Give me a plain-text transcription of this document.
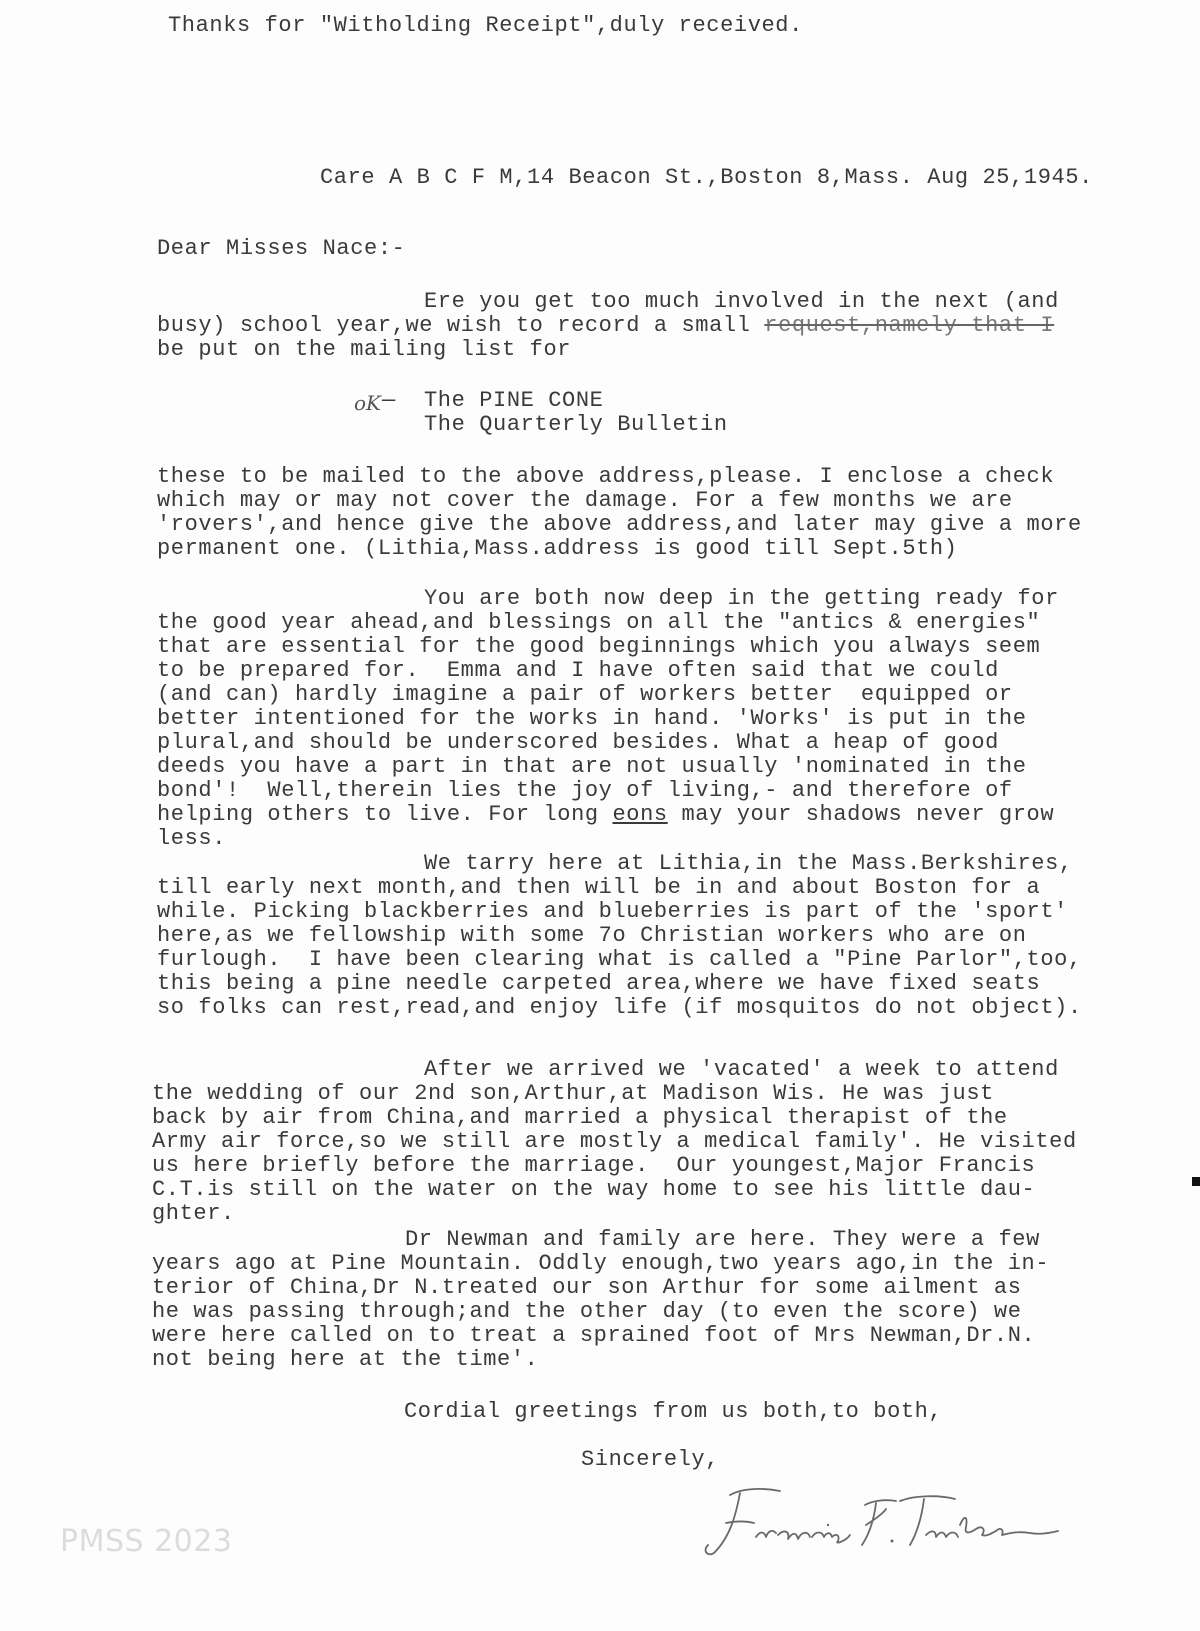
Thanks for "Witholding Receipt",duly received.
Care A B C F M,14 Beacon St.,Boston 8,Mass. Aug 25,1945.
Dear Misses Nace:-
Ere you get too much involved in the next (and
busy) school year,we wish to record a small request,namely that I
be put on the mailing list for
oK — The PINE CONE
The Quarterly Bulletin
these to be mailed to the above address,please. I enclose a check
which may or may not cover the damage. For a few months we are
'rovers',and hence give the above address,and later may give a more
permanent one. (Lithia,Mass.address is good till Sept.5th)
You are both now deep in the getting ready for
the good year ahead,and blessings on all the "antics & energies"
that are essential for the good beginnings which you always seem
to be prepared for.  Emma and I have often said that we could
(and can) hardly imagine a pair of workers better  equipped or
better intentioned for the works in hand. 'Works' is put in the
plural,and should be underscored besides. What a heap of good
deeds you have a part in that are not usually 'nominated in the
bond'!  Well,therein lies the joy of living,- and therefore of
helping others to live. For long eons may your shadows never grow
less.
We tarry here at Lithia,in the Mass.Berkshires,
till early next month,and then will be in and about Boston for a
while. Picking blackberries and blueberries is part of the 'sport'
here,as we fellowship with some 7o Christian workers who are on
furlough.  I have been clearing what is called a "Pine Parlor",too,
this being a pine needle carpeted area,where we have fixed seats
so folks can rest,read,and enjoy life (if mosquitos do not object).
After we arrived we 'vacated' a week to attend
the wedding of our 2nd son,Arthur,at Madison Wis. He was just
back by air from China,and married a physical therapist of the
Army air force,so we still are mostly a medical family'. He visited
us here briefly before the marriage.  Our youngest,Major Francis
C.T.is still on the water on the way home to see his little dau-
ghter.
Dr Newman and family are here. They were a few
years ago at Pine Mountain. Oddly enough,two years ago,in the in-
terior of China,Dr N.treated our son Arthur for some ailment as
he was passing through;and the other day (to even the score) we
were here called on to treat a sprained foot of Mrs Newman,Dr.N.
not being here at the time'.
Cordial greetings from us both,to both,
Sincerely,
PMSS 2023
